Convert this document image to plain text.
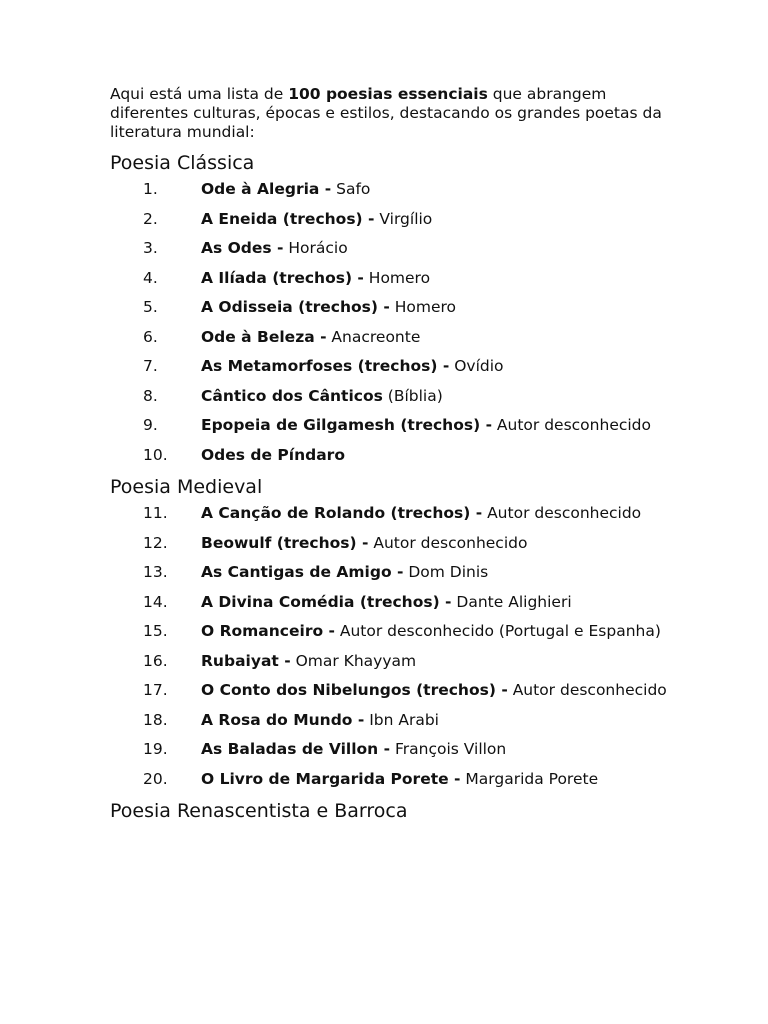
Aqui está uma lista de 100 poesias essenciais que abrangem diferentes culturas, épocas e estilos, destacando os grandes poetas da literatura mundial:

Poesia Clássica
1.	Ode à Alegria - Safo
2.	A Eneida (trechos) - Virgílio
3.	As Odes - Horácio
4.	A Ilíada (trechos) - Homero
5.	A Odisseia (trechos) - Homero
6.	Ode à Beleza - Anacreonte
7.	As Metamorfoses (trechos) - Ovídio
8.	Cântico dos Cânticos (Bíblia)
9.	Epopeia de Gilgamesh (trechos) - Autor desconhecido
10. Odes de Píndaro
Poesia Medieval
11. A Canção de Rolando (trechos) - Autor desconhecido
12. Beowulf (trechos) - Autor desconhecido
13. As Cantigas de Amigo - Dom Dinis
14. A Divina Comédia (trechos) - Dante Alighieri
15. O Romanceiro - Autor desconhecido (Portugal e Espanha)
16. Rubaiyat - Omar Khayyam
17. O Conto dos Nibelungos (trechos) - Autor desconhecido
18. A Rosa do Mundo - Ibn Arabi
19. As Baladas de Villon - François Villon
20. O Livro de Margarida Porete - Margarida Porete
Poesia Renascentista e Barroca
